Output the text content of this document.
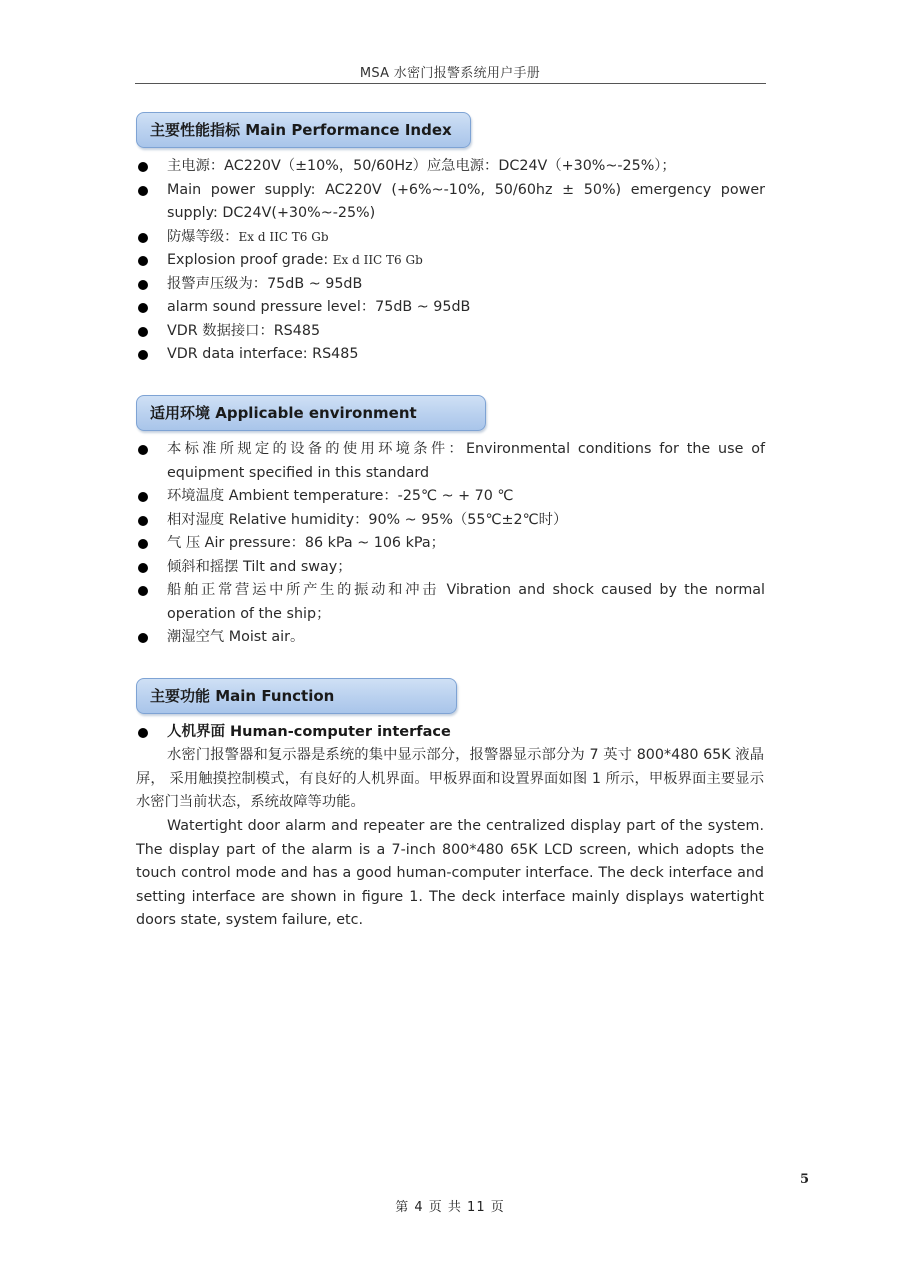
MSA 水密门报警系统用户手册
主要性能指标 Main Performance Index
主电源：AC220V（±10%，50/60Hz）应急电源：DC24V（+30%~-25%）；
Main power supply: AC220V (+6%~-10%, 50/60hz ± 50%) emergency power supply: DC24V(+30%~-25%)
防爆等级：Ex d IIC T6 Gb
Explosion proof grade: Ex d IIC T6 Gb
报警声压级为：75dB ~ 95dB
alarm sound pressure level：75dB ~ 95dB
VDR 数据接口：RS485
VDR data interface: RS485
适用环境 Applicable environment
本标准所规定的设备的使用环境条件：Environmental conditions for the use of equipment specified in this standard
环境温度 Ambient temperature：-25℃ ~ + 70 ℃
相对湿度 Relative humidity：90% ~ 95%（55℃±2℃时）
气 压 Air pressure：86 kPa ~ 106 kPa；
倾斜和摇摆 Tilt and sway；
船舶正常营运中所产生的振动和冲击 Vibration and shock caused by the normal operation of the ship；
潮湿空气 Moist air。
主要功能 Main Function
人机界面 Human-computer interface

水密门报警器和复示器是系统的集中显示部分，报警器显示部分为 7 英寸 800*480 65K 液晶屏， 采用触摸控制模式，有良好的人机界面。甲板界面和设置界面如图 1 所示，甲板界面主要显示水密门当前状态，系统故障等功能。

Watertight door alarm and repeater are the centralized display part of the system. The display part of the alarm is a 7-inch 800*480 65K LCD screen, which adopts the touch control mode and has a good human-computer interface. The deck interface and setting interface are shown in figure 1. The deck interface mainly displays watertight doors state, system failure, etc.

5
第 4 页 共 11 页
